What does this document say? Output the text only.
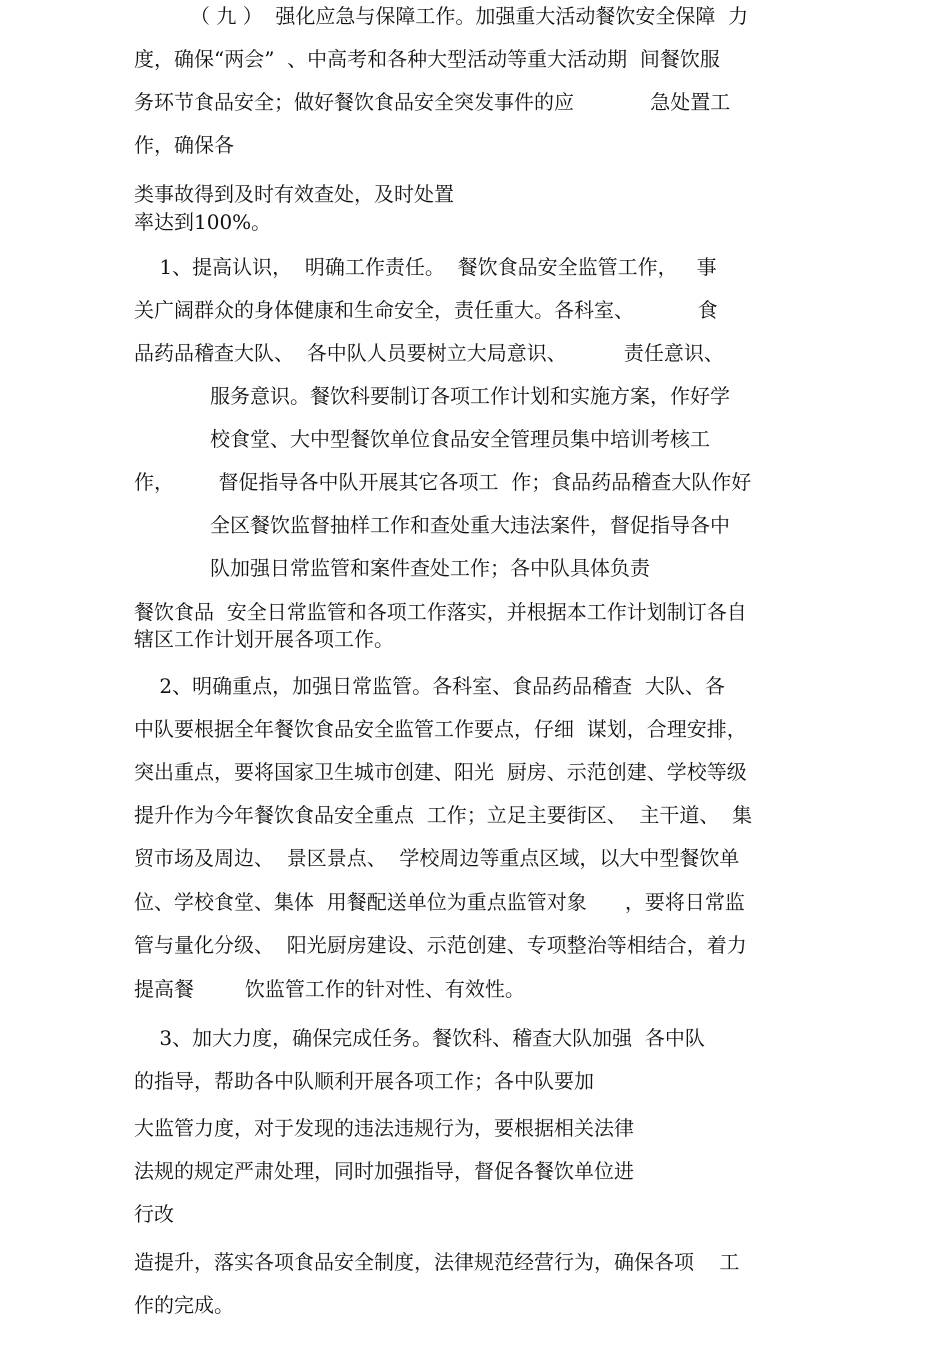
（ 九 ）  强化应急与保障工作。加强重大活动餐饮安全保障  力
度，确保“两会”  、中高考和各种大型活动等重大活动期  间餐饮服
务环节食品安全；做好餐饮食品安全突发事件的应            急处置工
作，确保各
类事故得到及时有效查处，及时处置
率达到100%。
1、提高认识，  明确工作责任。  餐饮食品安全监管工作，   事
关广阔群众的身体健康和生命安全，责任重大。各科室、          食
品药品稽查大队、  各中队人员要树立大局意识、         责任意识、
服务意识。餐饮科要制订各项工作计划和实施方案，作好学
校食堂、大中型餐饮单位食品安全管理员集中培训考核工
作，       督促指导各中队开展其它各项工  作；食品药品稽查大队作好
全区餐饮监督抽样工作和查处重大违法案件，督促指导各中
队加强日常监管和案件查处工作；各中队具体负责
餐饮食品  安全日常监管和各项工作落实，并根据本工作计划制订各自
辖区工作计划开展各项工作。
2、明确重点，加强日常监管。各科室、食品药品稽查  大队、各
中队要根据全年餐饮食品安全监管工作要点，仔细  谋划，合理安排，
突出重点，要将国家卫生城市创建、阳光  厨房、示范创建、学校等级
提升作为今年餐饮食品安全重点  工作；立足主要街区、  主干道、  集
贸市场及周边、  景区景点、  学校周边等重点区域，以大中型餐饮单
位、学校食堂、集体  用餐配送单位为重点监管对象      ，要将日常监
管与量化分级、  阳光厨房建设、示范创建、专项整治等相结合，着力
提高餐        饮监管工作的针对性、有效性。
3、加大力度，确保完成任务。餐饮科、稽查大队加强  各中队
的指导，帮助各中队顺利开展各项工作；各中队要加
大监管力度，对于发现的违法违规行为，要根据相关法律
法规的规定严肃处理，同时加强指导，督促各餐饮单位进
行改
造提升，落实各项食品安全制度，法律规范经营行为，确保各项    工
作的完成。
